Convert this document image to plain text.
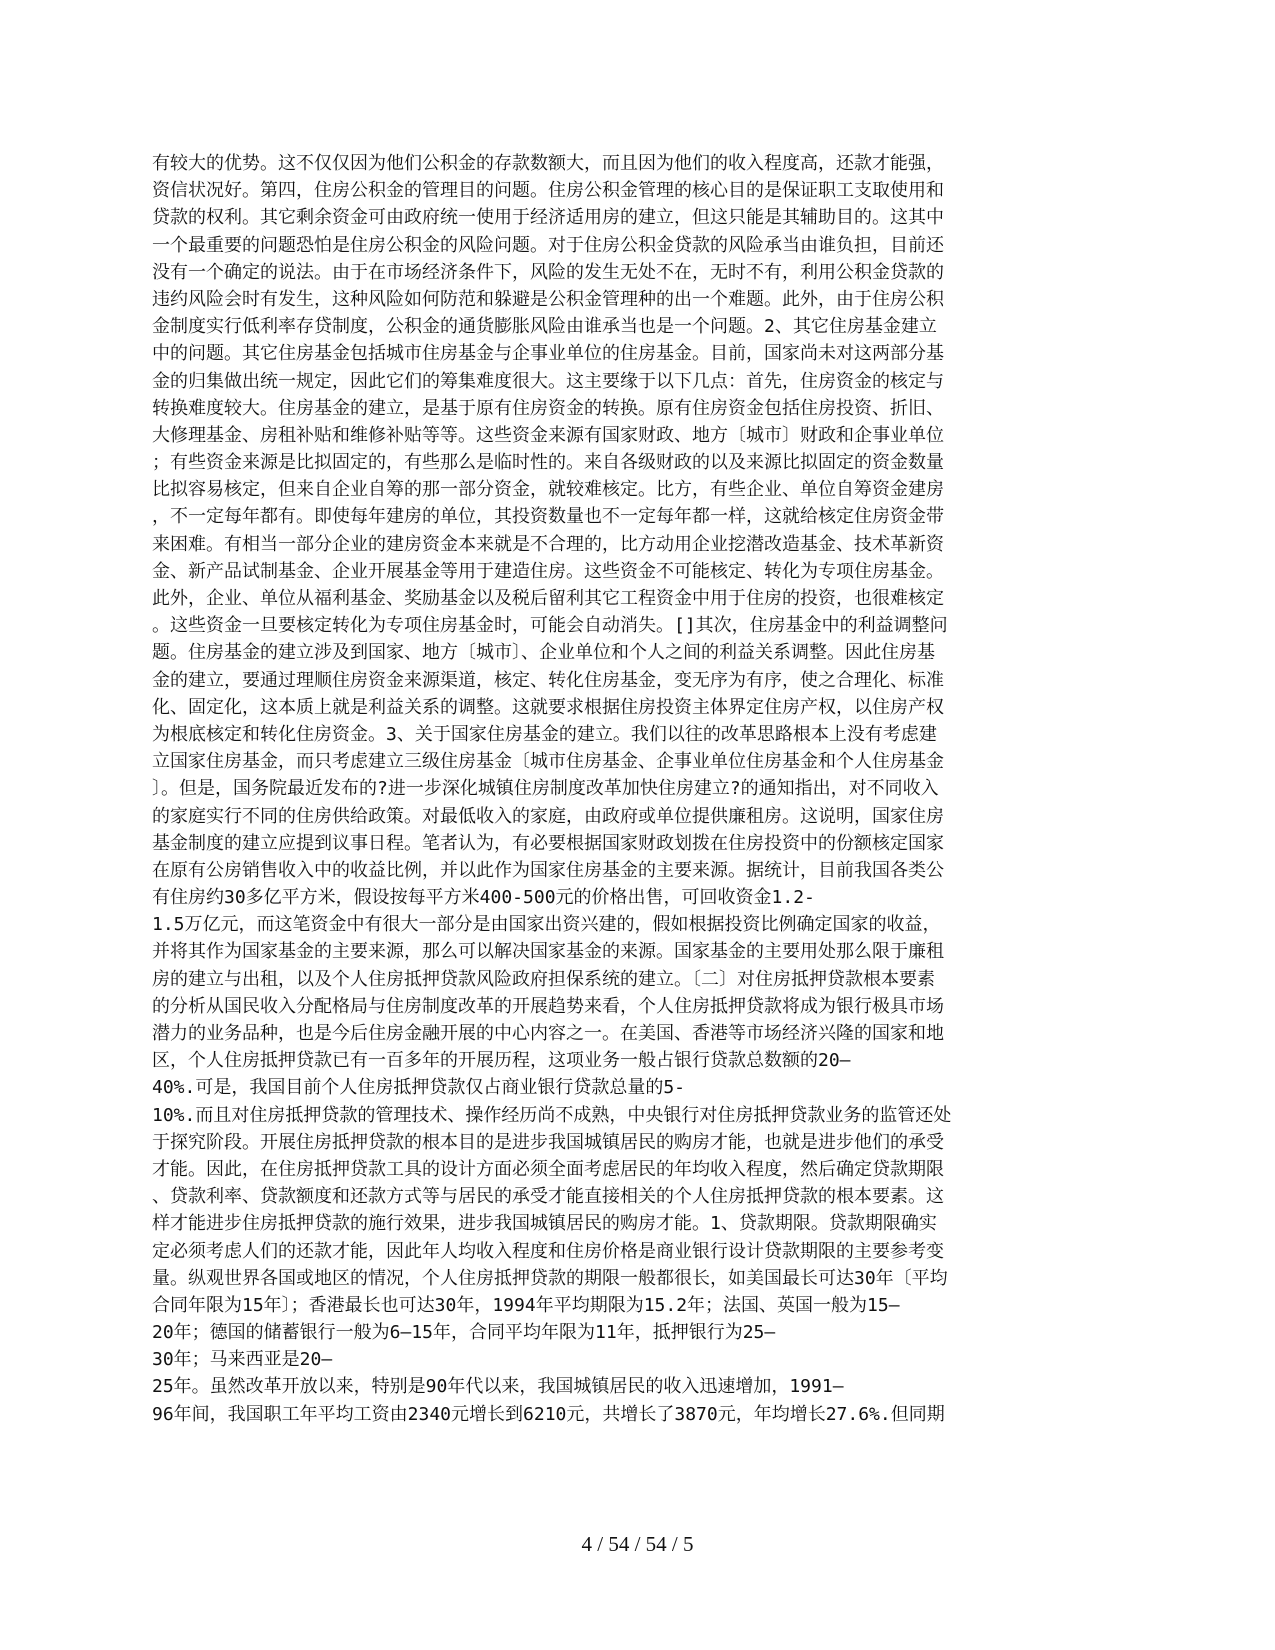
有较大的优势。这不仅仅因为他们公积金的存款数额大，而且因为他们的收入程度高，还款才能强，
资信状况好。第四，住房公积金的管理目的问题。住房公积金管理的核心目的是保证职工支取使用和
贷款的权利。其它剩余资金可由政府统一使用于经济适用房的建立，但这只能是其辅助目的。这其中
一个最重要的问题恐怕是住房公积金的风险问题。对于住房公积金贷款的风险承当由谁负担，目前还
没有一个确定的说法。由于在市场经济条件下，风险的发生无处不在，无时不有，利用公积金贷款的
违约风险会时有发生，这种风险如何防范和躲避是公积金管理种的出一个难题。此外，由于住房公积
金制度实行低利率存贷制度，公积金的通货膨胀风险由谁承当也是一个问题。2、其它住房基金建立
中的问题。其它住房基金包括城市住房基金与企事业单位的住房基金。目前，国家尚未对这两部分基
金的归集做出统一规定，因此它们的筹集难度很大。这主要缘于以下几点：首先，住房资金的核定与
转换难度较大。住房基金的建立，是基于原有住房资金的转换。原有住房资金包括住房投资、折旧、
大修理基金、房租补贴和维修补贴等等。这些资金来源有国家财政、地方〔城市〕财政和企事业单位
；有些资金来源是比拟固定的，有些那么是临时性的。来自各级财政的以及来源比拟固定的资金数量
比拟容易核定，但来自企业自筹的那一部分资金，就较难核定。比方，有些企业、单位自筹资金建房
，不一定每年都有。即使每年建房的单位，其投资数量也不一定每年都一样，这就给核定住房资金带
来困难。有相当一部分企业的建房资金本来就是不合理的，比方动用企业挖潜改造基金、技术革新资
金、新产品试制基金、企业开展基金等用于建造住房。这些资金不可能核定、转化为专项住房基金。
此外，企业、单位从福利基金、奖励基金以及税后留利其它工程资金中用于住房的投资，也很难核定
。这些资金一旦要核定转化为专项住房基金时，可能会自动消失。[]其次，住房基金中的利益调整问
题。住房基金的建立涉及到国家、地方〔城市〕、企业单位和个人之间的利益关系调整。因此住房基
金的建立，要通过理顺住房资金来源渠道，核定、转化住房基金，变无序为有序，使之合理化、标准
化、固定化，这本质上就是利益关系的调整。这就要求根据住房投资主体界定住房产权，以住房产权
为根底核定和转化住房资金。3、关于国家住房基金的建立。我们以往的改革思路根本上没有考虑建
立国家住房基金，而只考虑建立三级住房基金〔城市住房基金、企事业单位住房基金和个人住房基金
〕。但是，国务院最近发布的?进一步深化城镇住房制度改革加快住房建立?的通知指出，对不同收入
的家庭实行不同的住房供给政策。对最低收入的家庭，由政府或单位提供廉租房。这说明，国家住房
基金制度的建立应提到议事日程。笔者认为，有必要根据国家财政划拨在住房投资中的份额核定国家
在原有公房销售收入中的收益比例，并以此作为国家住房基金的主要来源。据统计，目前我国各类公
有住房约30多亿平方米，假设按每平方米400-500元的价格出售，可回收资金1.2-
1.5万亿元，而这笔资金中有很大一部分是由国家出资兴建的，假如根据投资比例确定国家的收益，
并将其作为国家基金的主要来源，那么可以解决国家基金的来源。国家基金的主要用处那么限于廉租
房的建立与出租，以及个人住房抵押贷款风险政府担保系统的建立。〔二〕对住房抵押贷款根本要素
的分析从国民收入分配格局与住房制度改革的开展趋势来看，个人住房抵押贷款将成为银行极具市场
潜力的业务品种，也是今后住房金融开展的中心内容之一。在美国、香港等市场经济兴隆的国家和地
区，个人住房抵押贷款已有一百多年的开展历程，这项业务一般占银行贷款总数额的20—
40%.可是，我国目前个人住房抵押贷款仅占商业银行贷款总量的5-
10%.而且对住房抵押贷款的管理技术、操作经历尚不成熟，中央银行对住房抵押贷款业务的监管还处
于探究阶段。开展住房抵押贷款的根本目的是进步我国城镇居民的购房才能，也就是进步他们的承受
才能。因此，在住房抵押贷款工具的设计方面必须全面考虑居民的年均收入程度，然后确定贷款期限
、贷款利率、贷款额度和还款方式等与居民的承受才能直接相关的个人住房抵押贷款的根本要素。这
样才能进步住房抵押贷款的施行效果，进步我国城镇居民的购房才能。1、贷款期限。贷款期限确实
定必须考虑人们的还款才能，因此年人均收入程度和住房价格是商业银行设计贷款期限的主要参考变
量。纵观世界各国或地区的情况，个人住房抵押贷款的期限一般都很长，如美国最长可达30年〔平均
合同年限为15年〕；香港最长也可达30年，1994年平均期限为15.2年；法国、英国一般为15—
20年；德国的储蓄银行一般为6—15年，合同平均年限为11年，抵押银行为25—
30年；马来西亚是20—
25年。虽然改革开放以来，特别是90年代以来，我国城镇居民的收入迅速增加，1991—
96年间，我国职工年平均工资由2340元增长到6210元，共增长了3870元，年均增长27.6%.但同期
4 / 54 / 54 / 5
